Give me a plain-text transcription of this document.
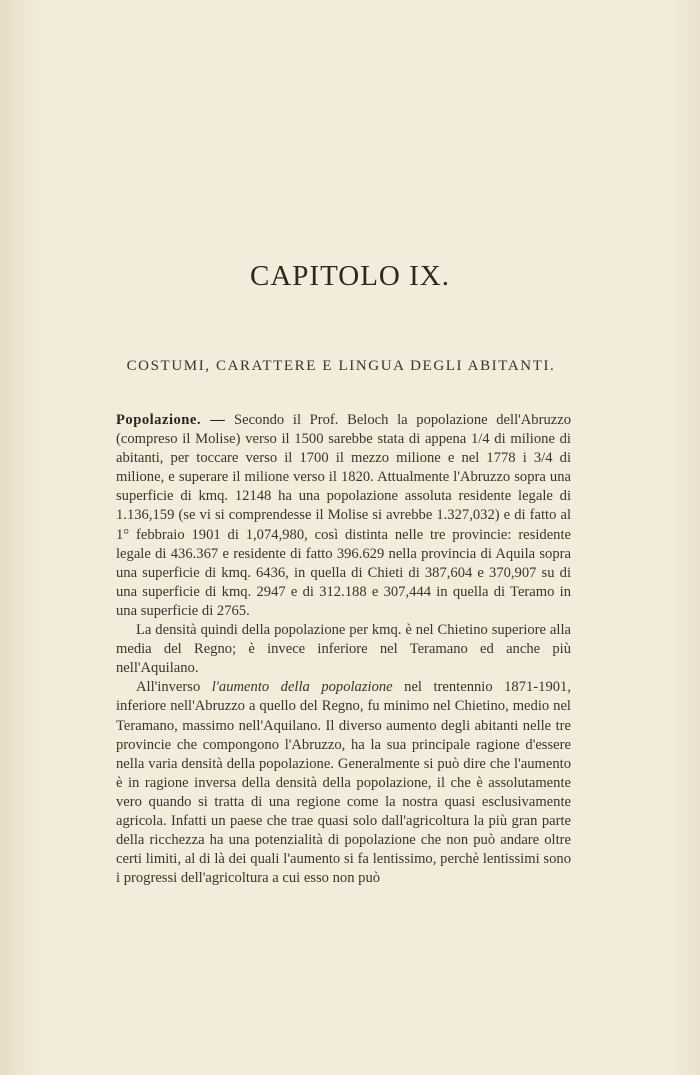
CAPITOLO IX.
COSTUMI, CARATTERE E LINGUA DEGLI ABITANTI.

Popolazione. — Secondo il Prof. Beloch la popolazione dell'Abruzzo (compreso il Molise) verso il 1500 sarebbe stata di appena 1/4 di milione di abitanti, per toccare verso il 1700 il mezzo milione e nel 1778 i 3/4 di milione, e superare il milione verso il 1820. Attualmente l'Abruzzo sopra una superficie di kmq. 12148 ha una popolazione assoluta residente legale di 1.136,159 (se vi si comprendesse il Molise si avrebbe 1.327,032) e di fatto al 1° febbraio 1901 di 1,074,980, così distinta nelle tre provincie: residente legale di 436.367 e residente di fatto 396.629 nella provincia di Aquila sopra una superficie di kmq. 6436, in quella di Chieti di 387,604 e 370,907 su di una superficie di kmq. 2947 e di 312.188 e 307,444 in quella di Teramo in una superficie di 2765.

La densità quindi della popolazione per kmq. è nel Chietino superiore alla media del Regno; è invece inferiore nel Teramano ed anche più nell'Aquilano.

All'inverso l'aumento della popolazione nel trentennio 1871-1901, inferiore nell'Abruzzo a quello del Regno, fu minimo nel Chietino, medio nel Teramano, massimo nell'Aquilano. Il diverso aumento degli abitanti nelle tre provincie che compongono l'Abruzzo, ha la sua principale ragione d'essere nella varia densità della popolazione. Generalmente si può dire che l'aumento è in ragione inversa della densità della popolazione, il che è assolutamente vero quando si tratta di una regione come la nostra quasi esclusivamente agricola. Infatti un paese che trae quasi solo dall'agricoltura la più gran parte della ricchezza ha una potenzialità di popolazione che non può andare oltre certi limiti, al di là dei quali l'aumento si fa lentissimo, perchè lentissimi sono i progressi dell'agricoltura a cui esso non può
